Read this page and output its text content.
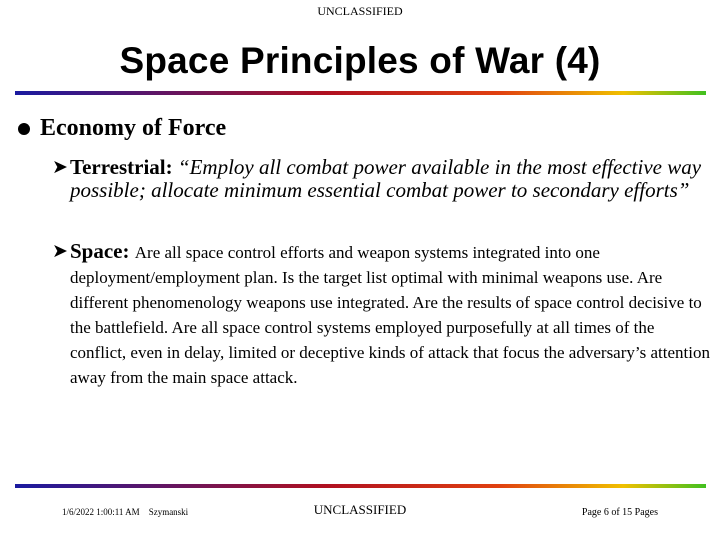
UNCLASSIFIED
Space Principles of War (4)
Economy of Force
➤ Terrestrial: “Employ all combat power available in the most effective way possible; allocate minimum essential combat power to secondary efforts”
➤ Space: Are all space control efforts and weapon systems integrated into one deployment/employment plan. Is the target list optimal with minimal weapons use. Are different phenomenology weapons use integrated. Are the results of space control decisive to the battlefield. Are all space control systems employed purposefully at all times of the conflict, even in delay, limited or deceptive kinds of attack that focus the adversary’s attention away from the main space attack.
1/6/2022 1:00:11 AM Szymanski	UNCLASSIFIED	Page 6 of 15 Pages
